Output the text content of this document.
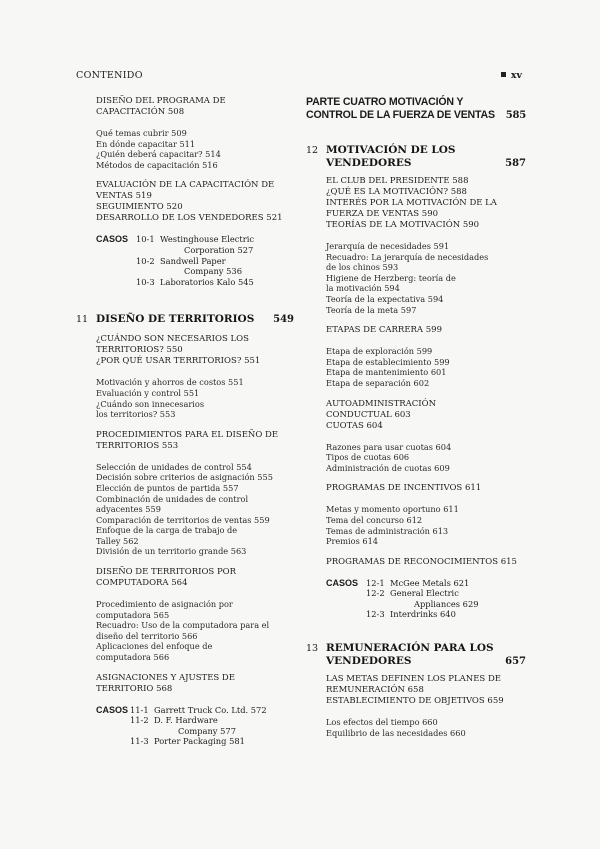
CONTENIDO	xv
DISEÑO DEL PROGRAMA DE
CAPACITACIÓN 508
Qué temas cubrir 509
En dónde capacitar 511
¿Quién deberá capacitar? 514
Métodos de capacitación 516
EVALUACIÓN DE LA CAPACITACIÓN DE
VENTAS 519
SEGUIMIENTO 520
DESARROLLO DE LOS VENDEDORES 521
CASOS 10-1 Westinghouse Electric
Corporation 527
10-2 Sandwell Paper
Company 536
10-3 Laboratorios Kalo 545
11 DISEÑO DE TERRITORIOS	549
¿CUÁNDO SON NECESARIOS LOS
TERRITORIOS? 550
¿POR QUÉ USAR TERRITORIOS? 551
Motivación y ahorros de costos 551
Evaluación y control 551
¿Cuándo son innecesarios
los territorios? 553
PROCEDIMIENTOS PARA EL DISEÑO DE
TERRITORIOS 553
Selección de unidades de control 554
Decisión sobre criterios de asignación 555
Elección de puntos de partida 557
Combinación de unidades de control
adyacentes 559
Comparación de territorios de ventas 559
Enfoque de la carga de trabajo de
Talley 562
División de un territorio grande 563
DISEÑO DE TERRITORIOS POR
COMPUTADORA 564
Procedimiento de asignación por
computadora 565
Recuadro: Uso de la computadora para el
diseño del territorio 566
Aplicaciones del enfoque de
computadora 566
ASIGNACIONES Y AJUSTES DE
TERRITORIO 568
CASOS 11-1 Garrett Truck Co. Ltd. 572
11-2 D. F. Hardware
Company 577
11-3 Porter Packaging 581
PARTE CUATRO MOTIVACIÓN Y
CONTROL DE LA FUERZA DE VENTAS 585
12 MOTIVACIÓN DE LOS
VENDEDORES	587
EL CLUB DEL PRESIDENTE 588
¿QUÉ ES LA MOTIVACIÓN? 588
INTERÉS POR LA MOTIVACIÓN DE LA
FUERZA DE VENTAS 590
TEORÍAS DE LA MOTIVACIÓN 590
Jerarquía de necesidades 591
Recuadro: La jerarquía de necesidades
de los chinos 593
Higiene de Herzberg: teoría de
la motivación 594
Teoría de la expectativa 594
Teoría de la meta 597
ETAPAS DE CARRERA 599
Etapa de exploración 599
Etapa de establecimiento 599
Etapa de mantenimiento 601
Etapa de separación 602
AUTOADMINISTRACIÓN
CONDUCTUAL 603
CUOTAS 604
Razones para usar cuotas 604
Tipos de cuotas 606
Administración de cuotas 609
PROGRAMAS DE INCENTIVOS 611
Metas y momento oportuno 611
Tema del concurso 612
Temas de administración 613
Premios 614
PROGRAMAS DE RECONOCIMIENTOS 615
CASOS 12-1 McGee Metals 621
12-2 General Electric
Appliances 629
12-3 Interdrinks 640
13 REMUNERACIÓN PARA LOS
VENDEDORES	657
LAS METAS DEFINEN LOS PLANES DE
REMUNERACIÓN 658
ESTABLECIMIENTO DE OBJETIVOS 659
Los efectos del tiempo 660
Equilibrio de las necesidades 660
